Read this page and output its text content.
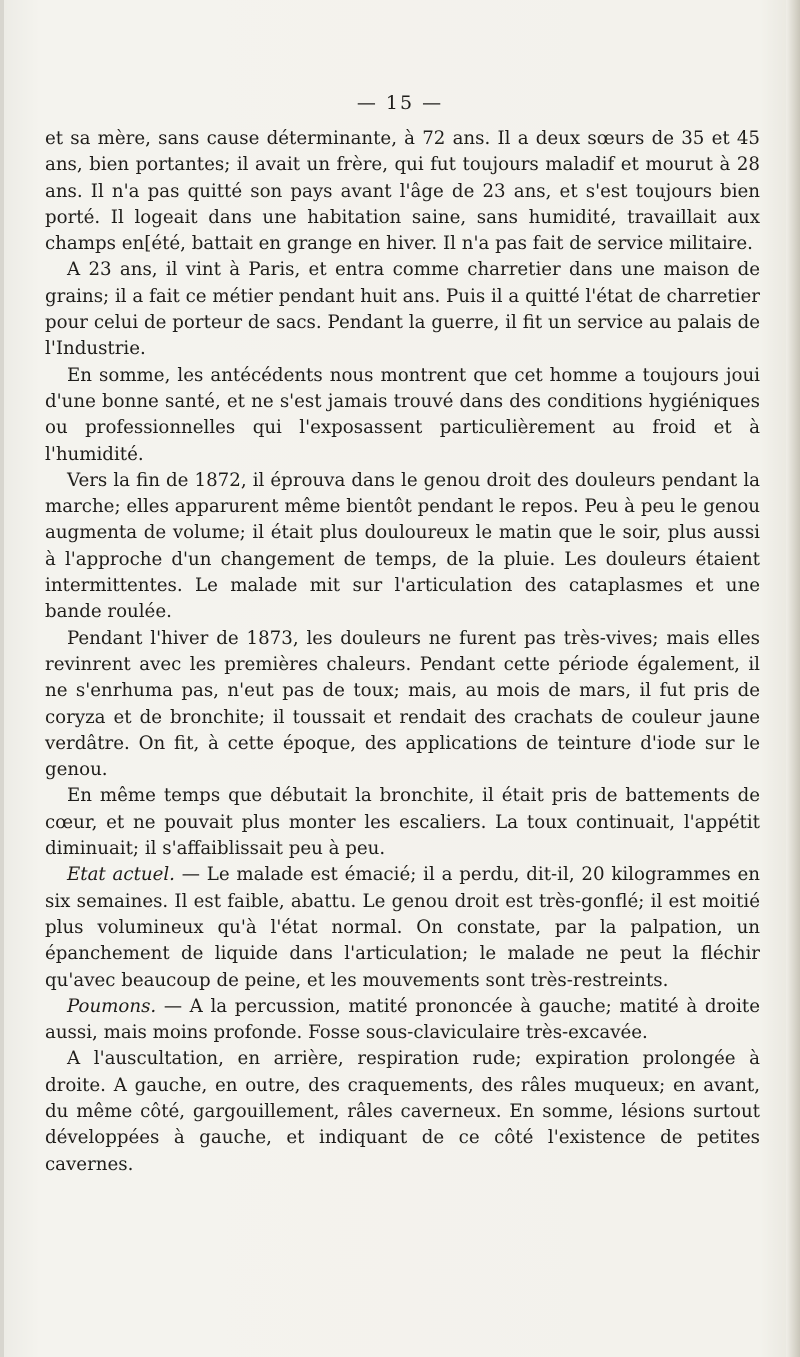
— 15 —

et sa mère, sans cause déterminante, à 72 ans. Il a deux sœurs de 35 et 45 ans, bien portantes; il avait un frère, qui fut toujours maladif et mourut à 28 ans. Il n'a pas quitté son pays avant l'âge de 23 ans, et s'est toujours bien porté. Il logeait dans une habitation saine, sans humidité, travaillait aux champs en[été, battait en grange en hiver. Il n'a pas fait de service militaire.

A 23 ans, il vint à Paris, et entra comme charretier dans une maison de grains; il a fait ce métier pendant huit ans. Puis il a quitté l'état de charretier pour celui de porteur de sacs. Pendant la guerre, il fit un service au palais de l'Industrie.

En somme, les antécédents nous montrent que cet homme a toujours joui d'une bonne santé, et ne s'est jamais trouvé dans des conditions hygiéniques ou professionnelles qui l'exposassent particulièrement au froid et à l'humidité.

Vers la fin de 1872, il éprouva dans le genou droit des douleurs pendant la marche; elles apparurent même bientôt pendant le repos. Peu à peu le genou augmenta de volume; il était plus douloureux le matin que le soir, plus aussi à l'approche d'un changement de temps, de la pluie. Les douleurs étaient intermittentes. Le malade mit sur l'articulation des cataplasmes et une bande roulée.

Pendant l'hiver de 1873, les douleurs ne furent pas très-vives; mais elles revinrent avec les premières chaleurs. Pendant cette période également, il ne s'enrhuma pas, n'eut pas de toux; mais, au mois de mars, il fut pris de coryza et de bronchite; il toussait et rendait des crachats de couleur jaune verdâtre. On fit, à cette époque, des applications de teinture d'iode sur le genou.

En même temps que débutait la bronchite, il était pris de battements de cœur, et ne pouvait plus monter les escaliers. La toux continuait, l'appétit diminuait; il s'affaiblissait peu à peu.

Etat actuel. — Le malade est émacié; il a perdu, dit-il, 20 kilogrammes en six semaines. Il est faible, abattu. Le genou droit est très-gonflé; il est moitié plus volumineux qu'à l'état normal. On constate, par la palpation, un épanchement de liquide dans l'articulation; le malade ne peut la fléchir qu'avec beaucoup de peine, et les mouvements sont très-restreints.

Poumons. — A la percussion, matité prononcée à gauche; matité à droite aussi, mais moins profonde. Fosse sous-claviculaire très-excavée.

A l'auscultation, en arrière, respiration rude; expiration prolongée à droite. A gauche, en outre, des craquements, des râles muqueux; en avant, du même côté, gargouillement, râles caverneux. En somme, lésions surtout développées à gauche, et indiquant de ce côté l'existence de petites cavernes.
